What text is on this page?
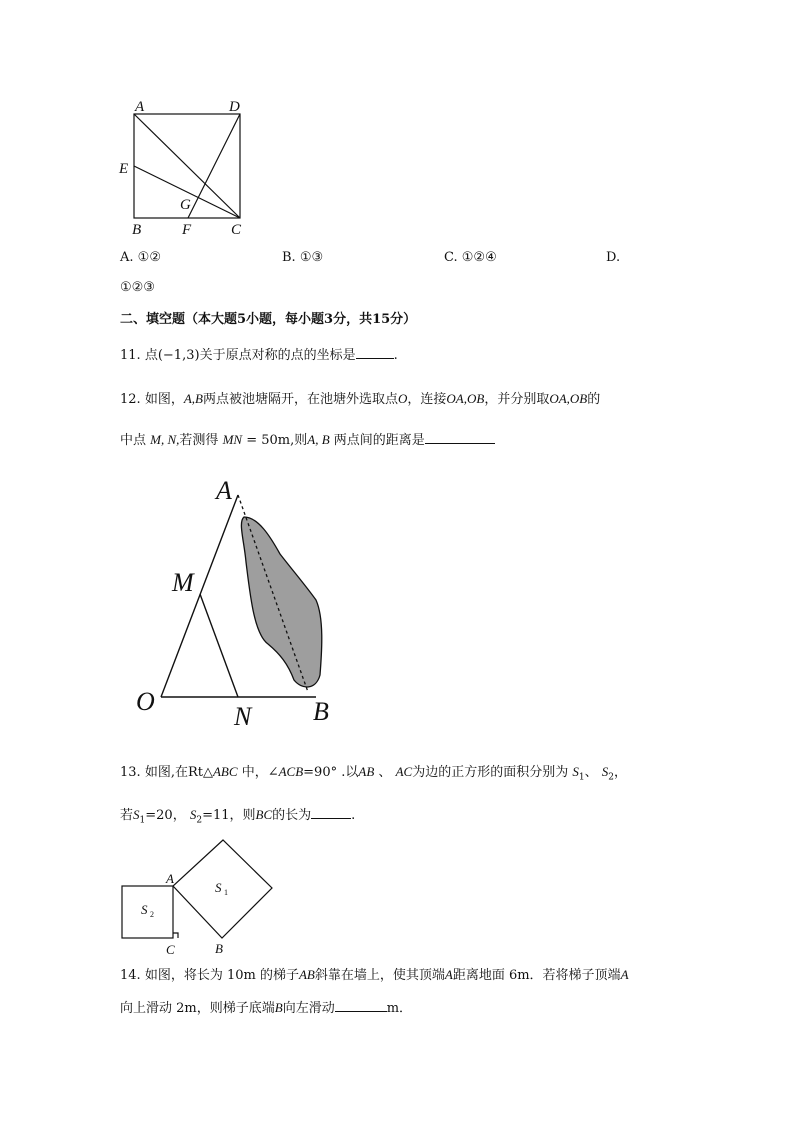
A	D
E
G
B	F	C
A. ①②	B. ①③	C. ①②④	D.
①②③
二、填空题（本大题5小题，每小题3分，共15分）
11. 点(−1,3)关于原点对称的点的坐标是	.
12. 如图，A,B两点被池塘隔开，在池塘外选取点O，连接OA,OB，并分别取OA,OB的
中点 M, N,若测得 MN = 50m,则A, B 两点间的距离是
A
M
O
N B
13. 如图,在Rt△ABC 中，∠ACB=90° .以AB 、 AC为边的正方形的面积分别为 $S_1$、 $S_2$，
若$S_1=20$， $S_2=11$，则BC的长为	.
S 1
S 2
A
C	B
14. 如图，将长为 10m 的梯子AB斜靠在墙上，使其顶端A距离地面 6m．若将梯子顶端A
向上滑动 2m，则梯子底端B向左滑动	m．
